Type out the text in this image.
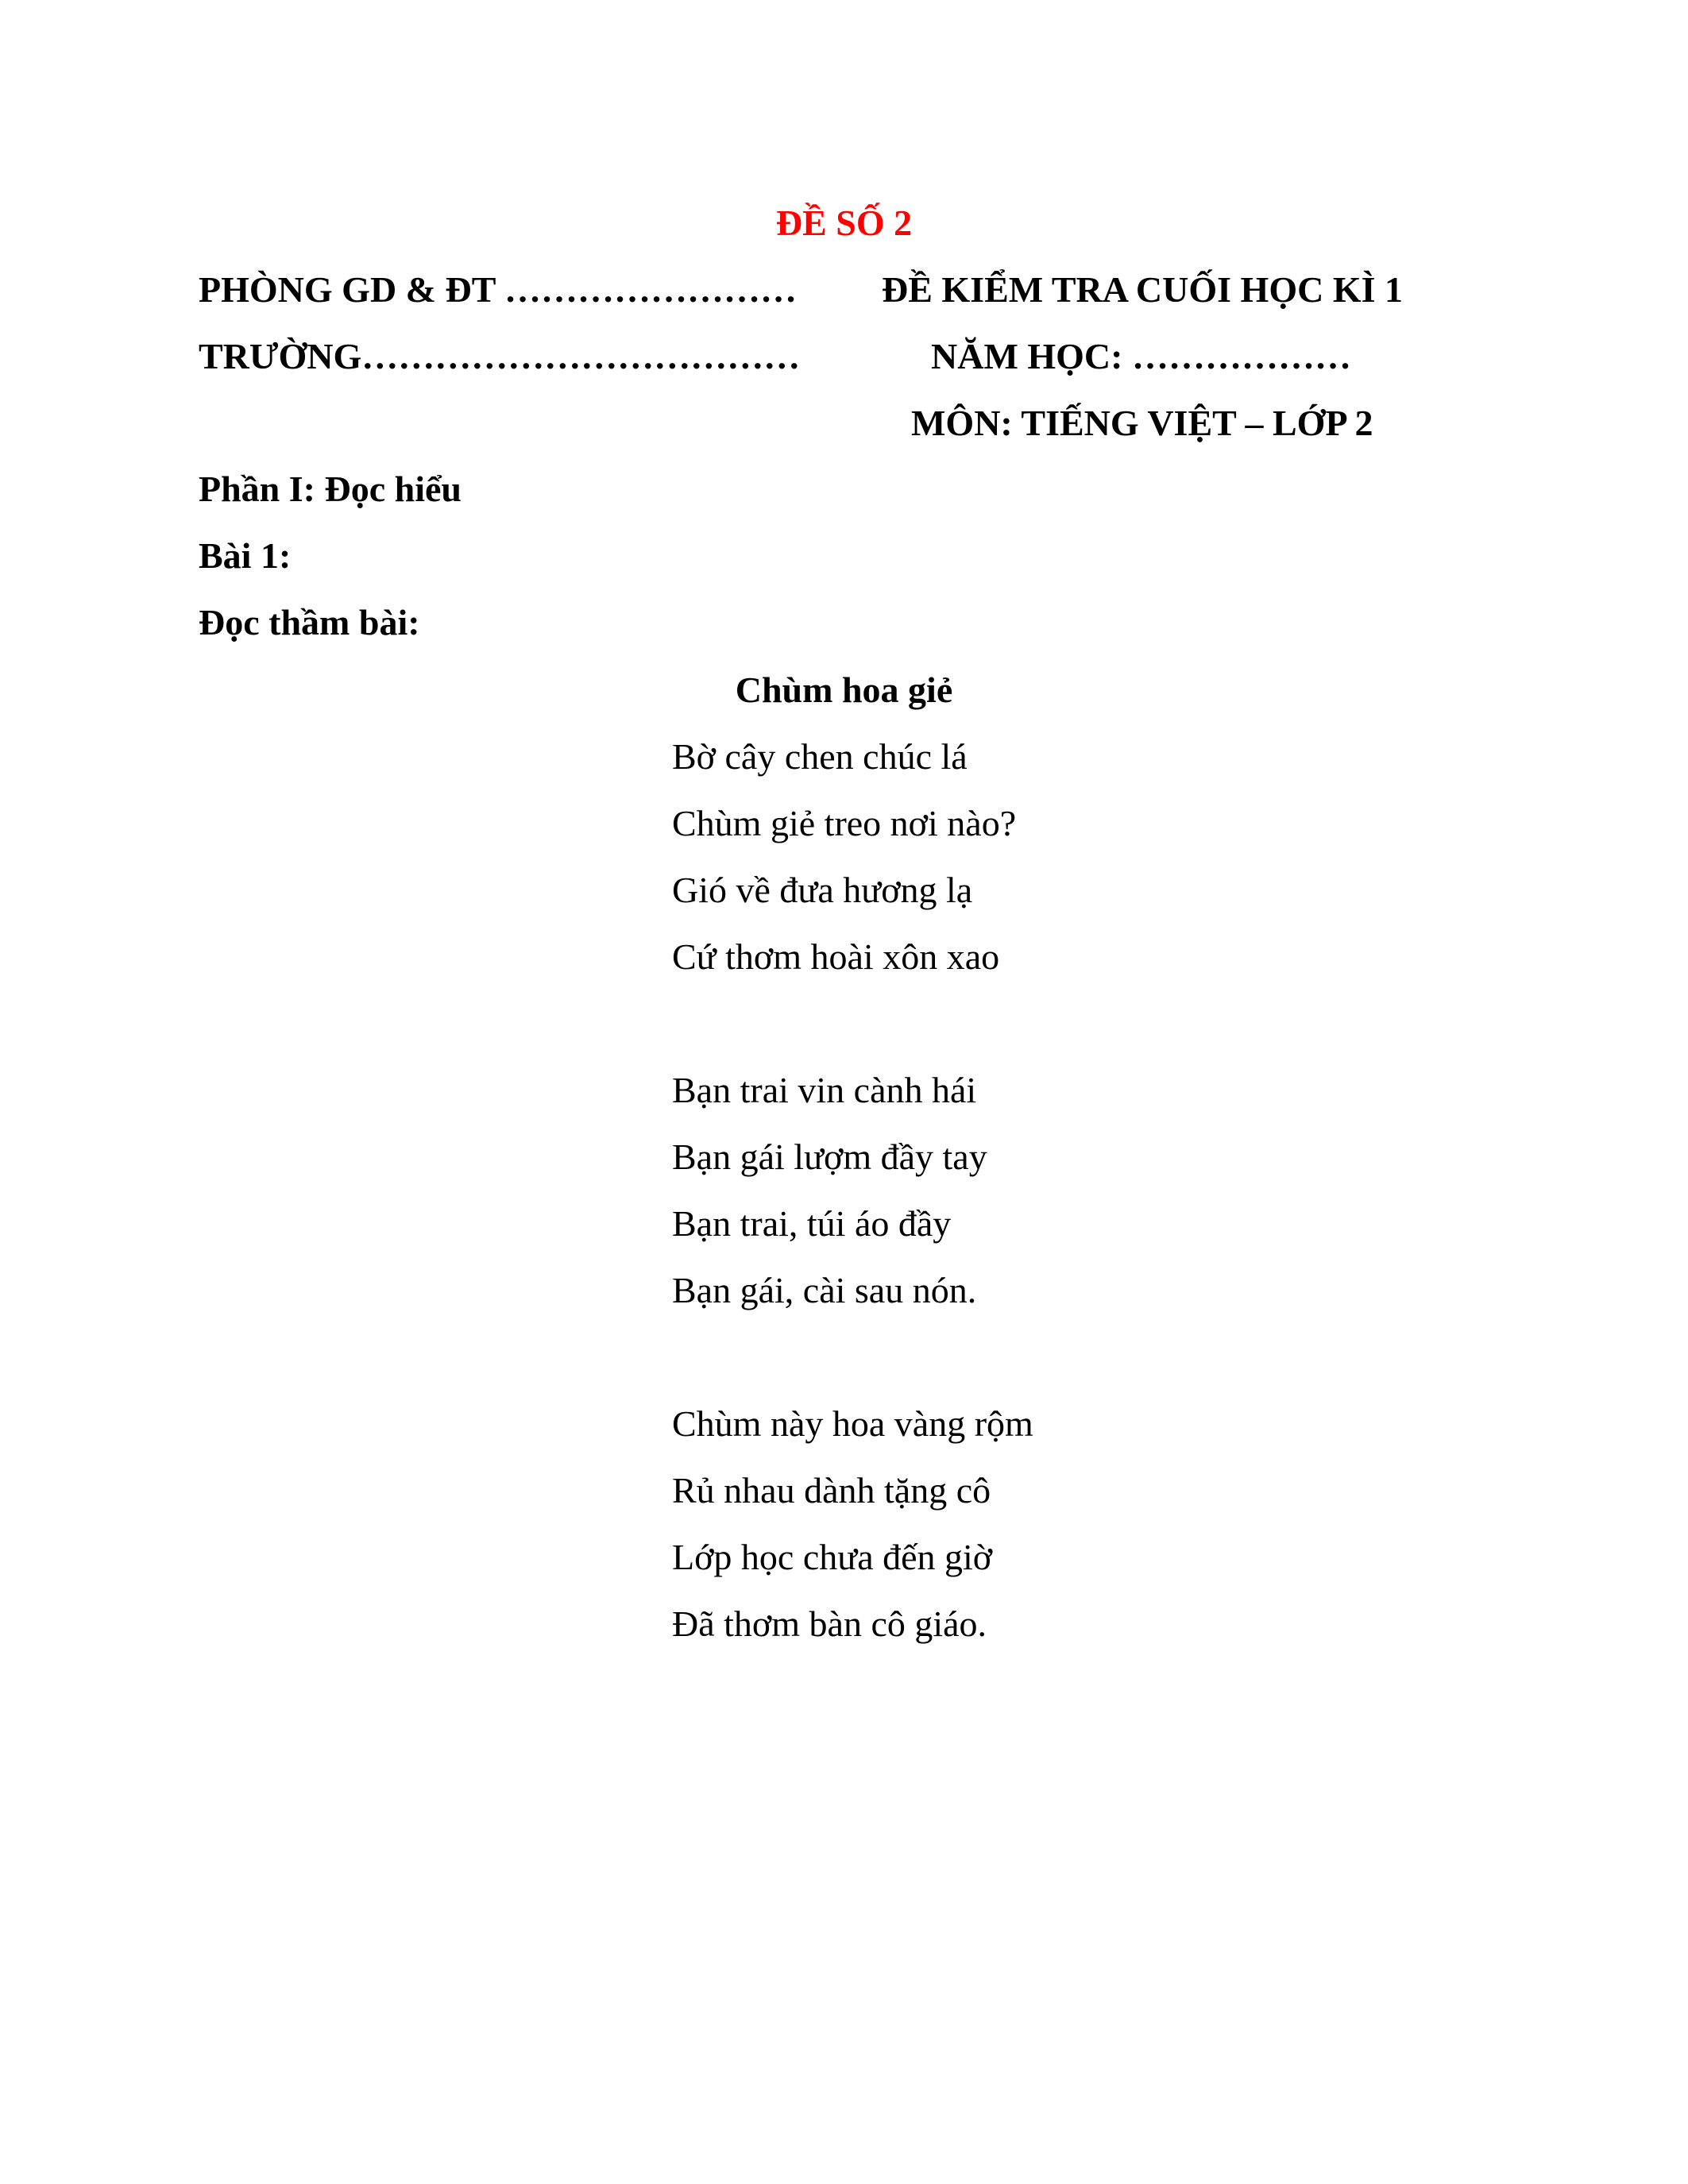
ĐỀ SỐ 2
PHÒNG GD & ĐT ……………………
TRƯỜNG………………………………
ĐỀ KIỂM TRA CUỐI HỌC KÌ 1
NĂM HỌC: ………………
MÔN: TIẾNG VIỆT – LỚP 2
Phần I: Đọc hiểu
Bài 1:
Đọc thầm bài:
Chùm hoa giẻ
Bờ cây chen chúc lá
Chùm giẻ treo nơi nào?
Gió về đưa hương lạ
Cứ thơm hoài xôn xao
Bạn trai vin cành hái
Bạn gái lượm đầy tay
Bạn trai, túi áo đầy
Bạn gái, cài sau nón.
Chùm này hoa vàng rộm
Rủ nhau dành tặng cô
Lớp học chưa đến giờ
Đã thơm bàn cô giáo.
